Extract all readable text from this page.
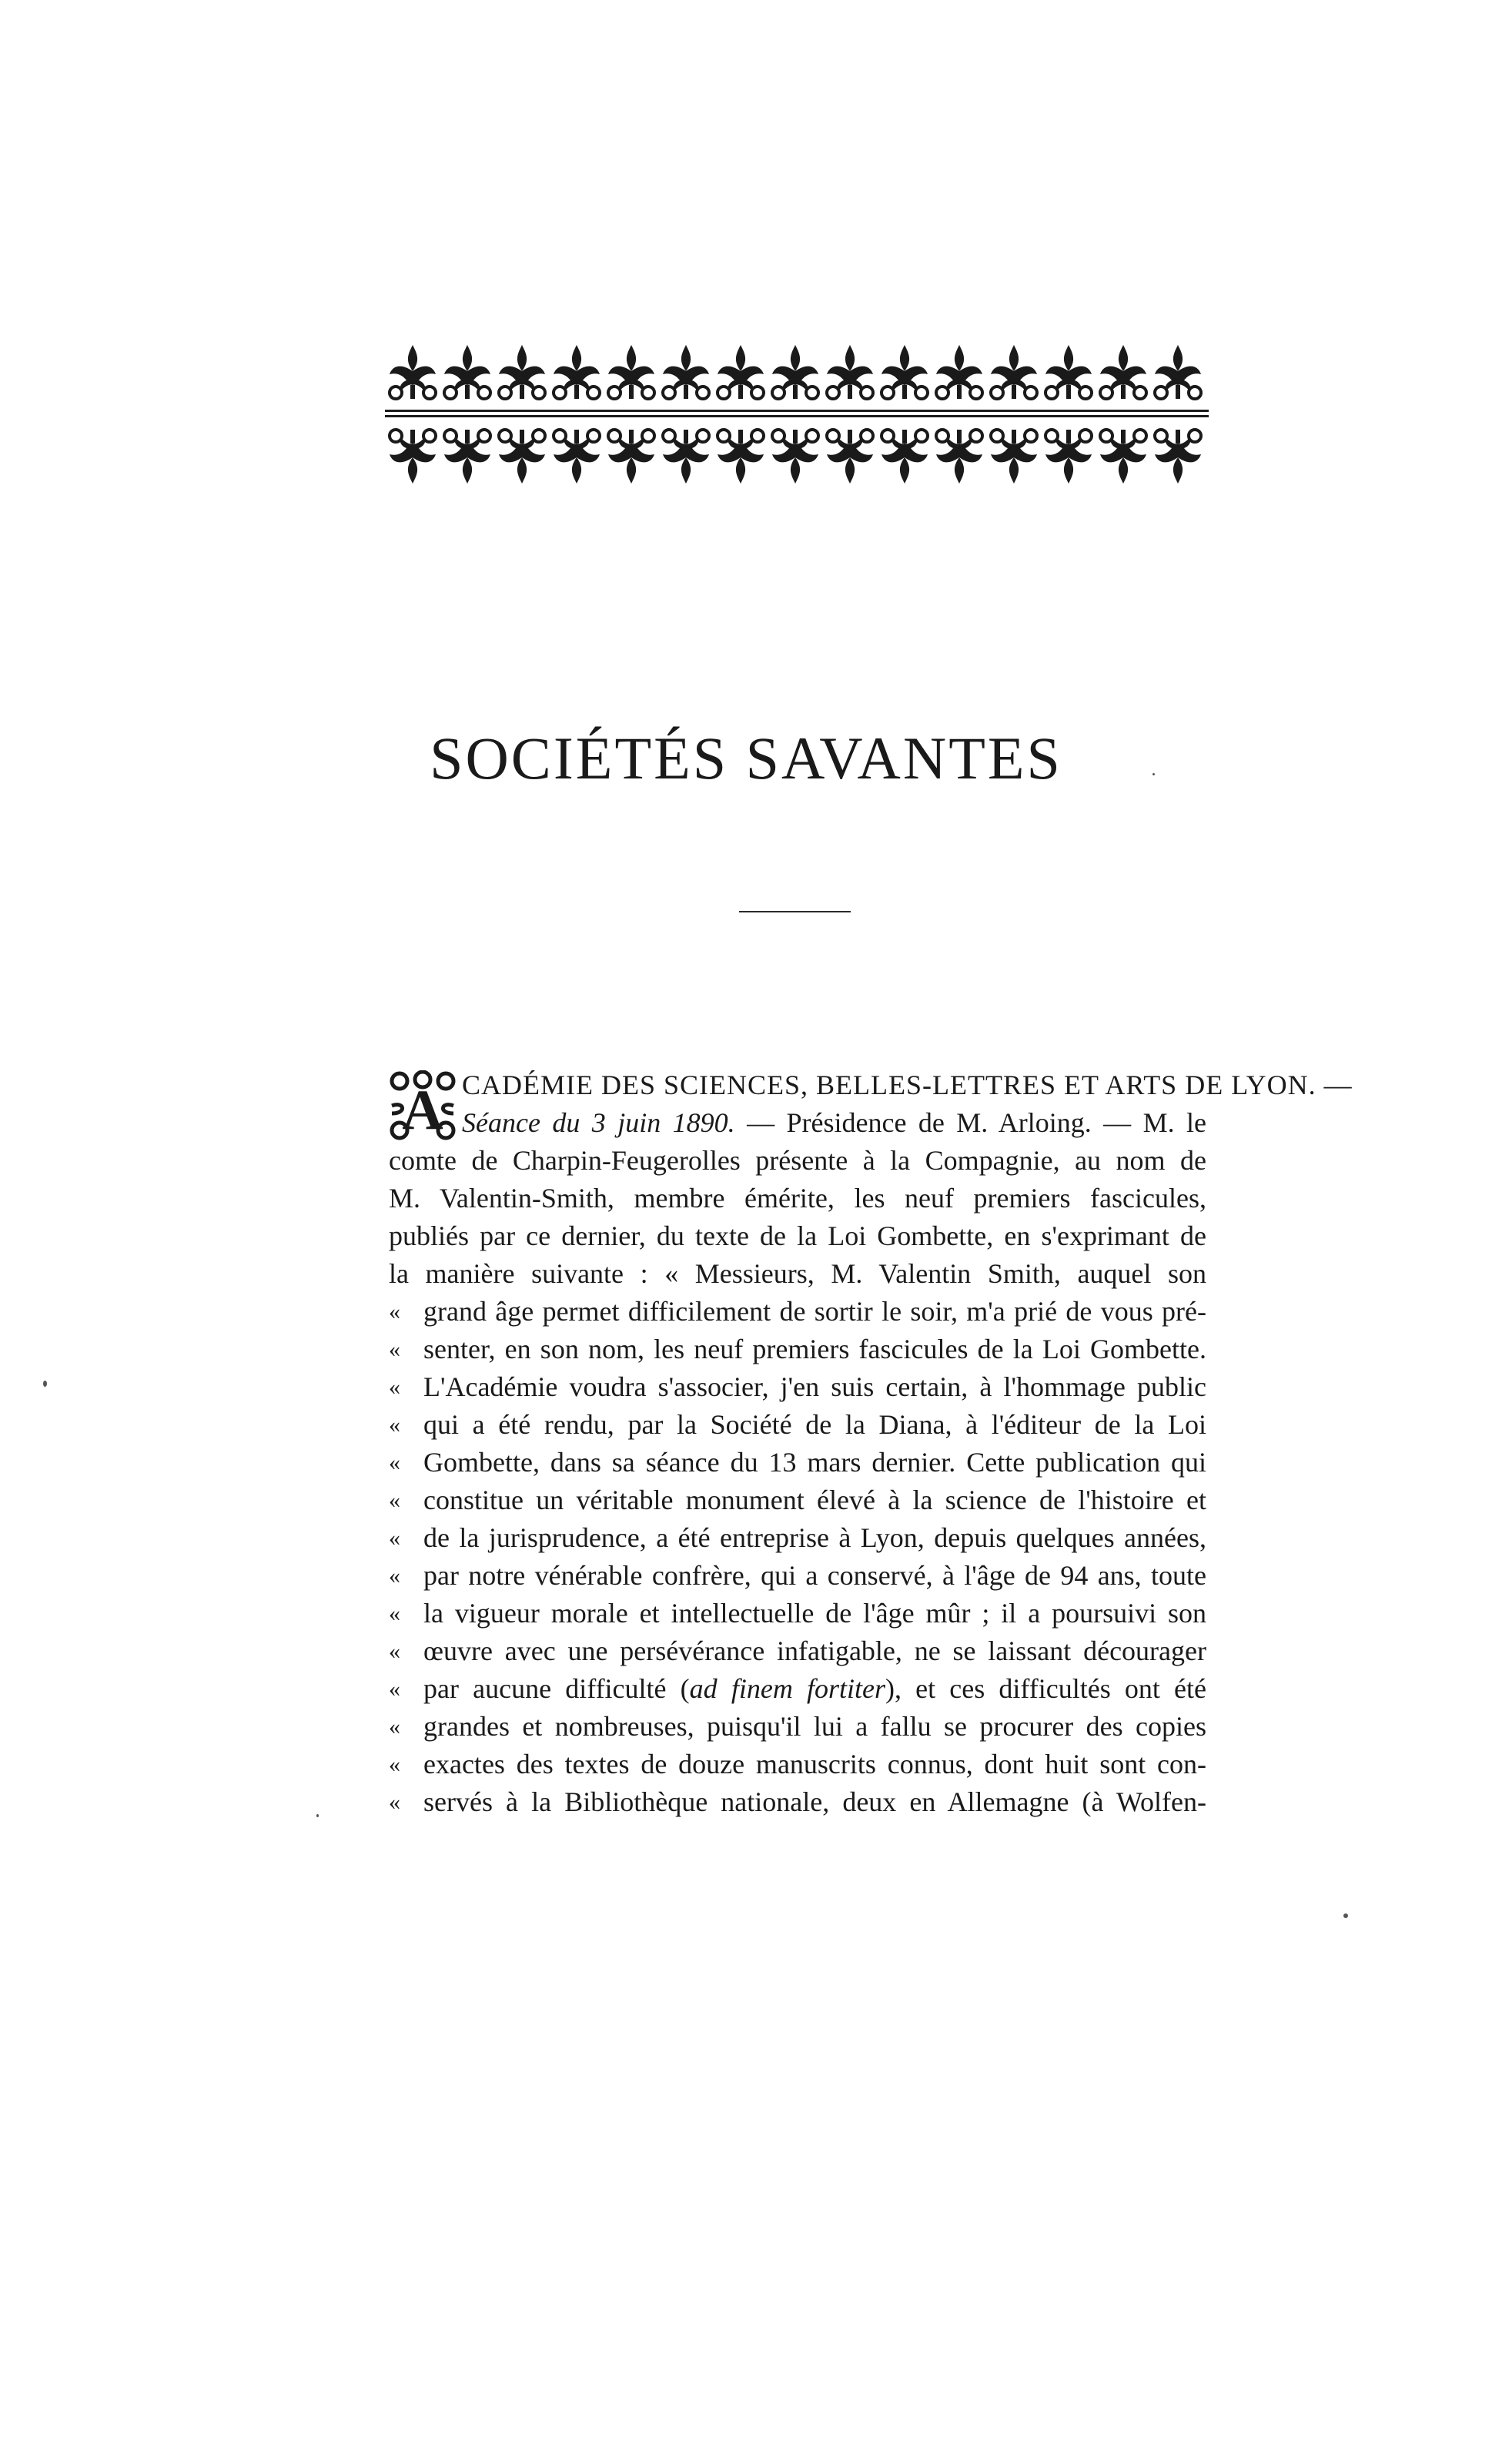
SOCIÉTÉS SAVANTES
A CADÉMIE DES SCIENCES, BELLES-LETTRES ET ARTS DE LYON. —
Séance du 3 juin 1890. — Présidence de M. Arloing. — M. le
comte de Charpin-Feugerolles présente à la Compagnie, au nom de
M. Valentin-Smith, membre émérite, les neuf premiers fascicules,
publiés par ce dernier, du texte de la Loi Gombette, en s'exprimant de
la manière suivante : « Messieurs, M. Valentin Smith, auquel son
« grand âge permet difficilement de sortir le soir, m'a prié de vous pré-
« senter, en son nom, les neuf premiers fascicules de la Loi Gombette.
« L'Académie voudra s'associer, j'en suis certain, à l'hommage public
« qui a été rendu, par la Société de la Diana, à l'éditeur de la Loi
« Gombette, dans sa séance du 13 mars dernier. Cette publication qui
« constitue un véritable monument élevé à la science de l'histoire et
« de la jurisprudence, a été entreprise à Lyon, depuis quelques années,
« par notre vénérable confrère, qui a conservé, à l'âge de 94 ans, toute
« la vigueur morale et intellectuelle de l'âge mûr ; il a poursuivi son
« œuvre avec une persévérance infatigable, ne se laissant décourager
« par aucune difficulté (ad finem fortiter), et ces difficultés ont été
« grandes et nombreuses, puisqu'il lui a fallu se procurer des copies
« exactes des textes de douze manuscrits connus, dont huit sont con-
« servés à la Bibliothèque nationale, deux en Allemagne (à Wolfen-
